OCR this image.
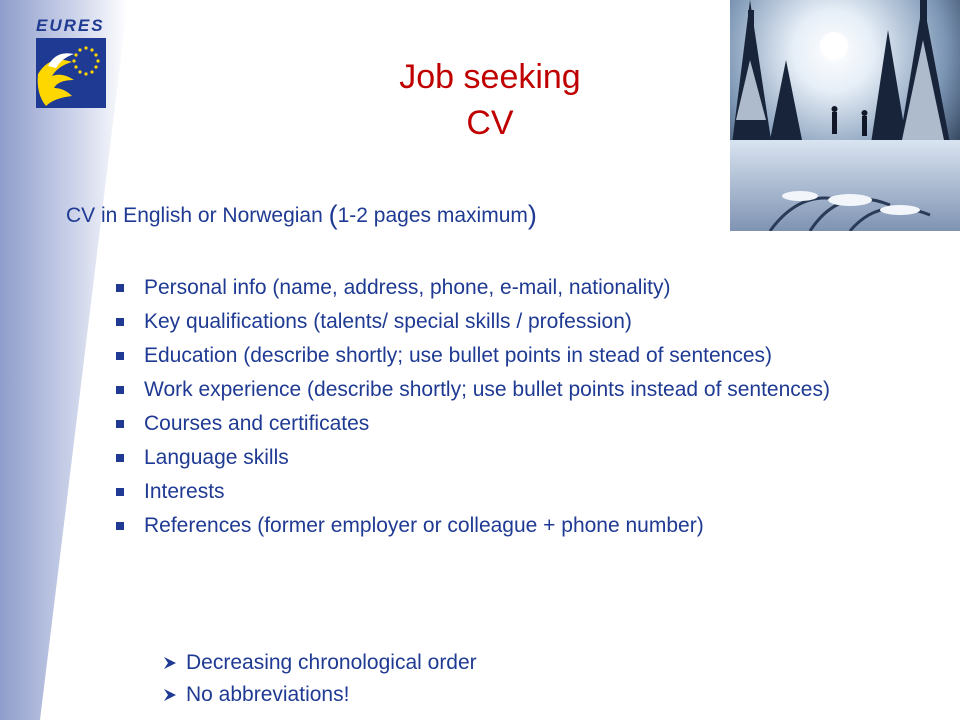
EURES
Job seeking
CV
CV in English or Norwegian (1-2 pages maximum)
Personal info (name, address, phone, e-mail, nationality)
Key qualifications (talents/ special skills / profession)
Education (describe shortly; use bullet points in stead of sentences)
Work experience (describe shortly; use bullet points instead of sentences)
Courses and certificates
Language skills
Interests
References (former employer or colleague + phone number)
Decreasing chronological order
No abbreviations!
